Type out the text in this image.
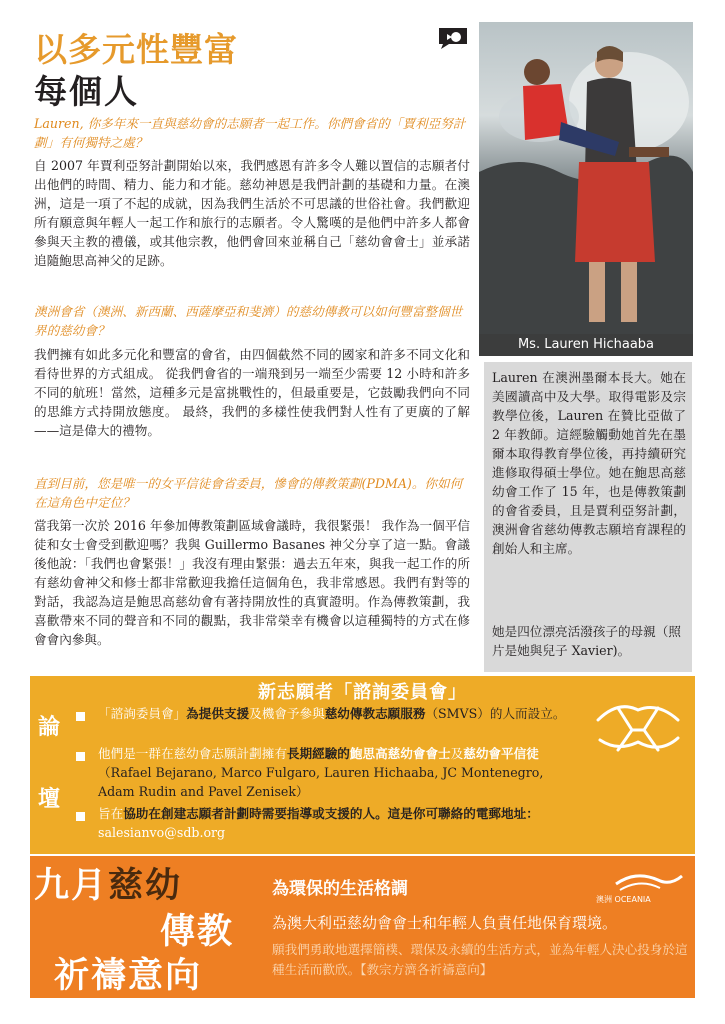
以多元性豐富
每個人
Ms. Lauren Hichaaba
Lauren, 你多年來一直與慈幼會的志願者一起工作。你們會省的「賈利亞努計劃」有何獨特之處？
自 2007 年賈利亞努計劃開始以來，我們感恩有許多令人難以置信的志願者付出他們的時間、精力、能力和才能。慈幼神恩是我們計劃的基礎和力量。在澳洲，這是一項了不起的成就，因為我們生活於不可思議的世俗社會。我們歡迎所有願意與年輕人一起工作和旅行的志願者。令人驚嘆的是他們中許多人都會參與天主教的禮儀，或其他宗教，他們會回來並稱自己「慈幼會會士」並承諾追隨鮑思高神父的足跡。
澳洲會省（澳洲、新西蘭、西薩摩亞和斐濟）的慈幼傳教可以如何豐富整個世界的慈幼會？
我們擁有如此多元化和豐富的會省，由四個截然不同的國家和許多不同文化和看待世界的方式組成。 從我們會省的一端飛到另一端至少需要 12 小時和許多不同的航班！當然，這種多元是富挑戰性的，但最重要是，它鼓勵我們向不同的思維方式持開放態度。 最終，我們的多樣性使我們對人性有了更廣的了解——這是偉大的禮物。
直到目前，您是唯一的女平信徒會省委員，慘會的傳教策劃(PDMA)。你如何在這角色中定位？
當我第一次於 2016 年參加傳教策劃區域會議時，我很緊張！ 我作為一個平信徒和女士會受到歡迎嗎？我與 Guillermo Basanes 神父分享了這一點。會議後他說：「我們也會緊張！」我沒有理由緊張：過去五年來，與我一起工作的所有慈幼會神父和修士都非常歡迎我擔任這個角色，我非常感恩。我們有對等的對話，我認為這是鮑思高慈幼會有著持開放性的真實證明。作為傳教策劃，我喜歡帶來不同的聲音和不同的觀點，我非常榮幸有機會以這種獨特的方式在修會會內參與。
Lauren 在澳洲墨爾本長大。她在美國讀高中及大學。取得電影及宗教學位後，Lauren 在贊比亞做了 2 年教師。這經驗觸動她首先在墨爾本取得教育學位後，再持續研究進修取得碩士學位。她在鮑思高慈幼會工作了 15 年，也是傳教策劃的會省委員，且是賈利亞努計劃，澳洲會省慈幼傳教志願培育課程的創始人和主席。
她是四位漂亮活潑孩子的母親（照片是她與兒子 Xavier)。
新志願者「諮詢委員會」
論
壇
「諮詢委員會」為提供支援及機會予參與慈幼傳教志願服務（SMVS）的人而設立。
他們是一群在慈幼會志願計劃擁有長期經驗的鮑思高慈幼會會士及慈幼會平信徒（Rafael Bejarano, Marco Fulgaro, Lauren Hichaaba, JC Montenegro, Adam Rudin and Pavel Zenisek）
旨在協助在創建志願者計劃時需要指導或支援的人。這是你可聯絡的電郵地址：
salesianvo@sdb.org
九月慈幼
傳教
祈禱意向
為環保的生活格調
為澳大利亞慈幼會會士和年輕人負責任地保育環境。
願我們勇敢地選擇簡樸、環保及永續的生活方式，並為年輕人決心投身於這種生活而歡欣。【教宗方濟各祈禱意向】
澳洲 OCEANIA
